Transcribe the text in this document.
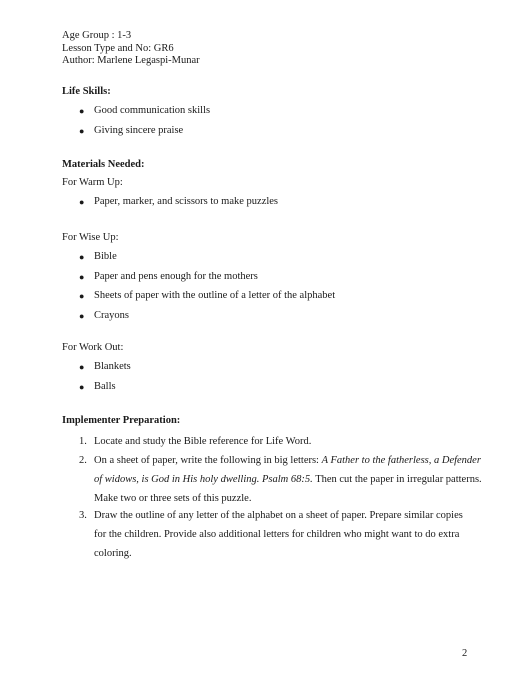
Age Group : 1-3
Lesson Type and No: GR6
Author: Marlene Legaspi-Munar
Life Skills:
● Good communication skills
● Giving sincere praise
Materials Needed:
For Warm Up:
● Paper, marker, and scissors to make puzzles
For Wise Up:
● Bible
● Paper and pens enough for the mothers
● Sheets of paper with the outline of a letter of the alphabet
● Crayons
For Work Out:
● Blankets
● Balls
Implementer Preparation:
1. Locate and study the Bible reference for Life Word.
2. On a sheet of paper, write the following in big letters: A Father to the fatherless, a Defender
of widows, is God in His holy dwelling. Psalm 68:5. Then cut the paper in irregular patterns.
Make two or three sets of this puzzle.
3. Draw the outline of any letter of the alphabet on a sheet of paper. Prepare similar copies
for the children. Provide also additional letters for children who might want to do extra
coloring.
2
